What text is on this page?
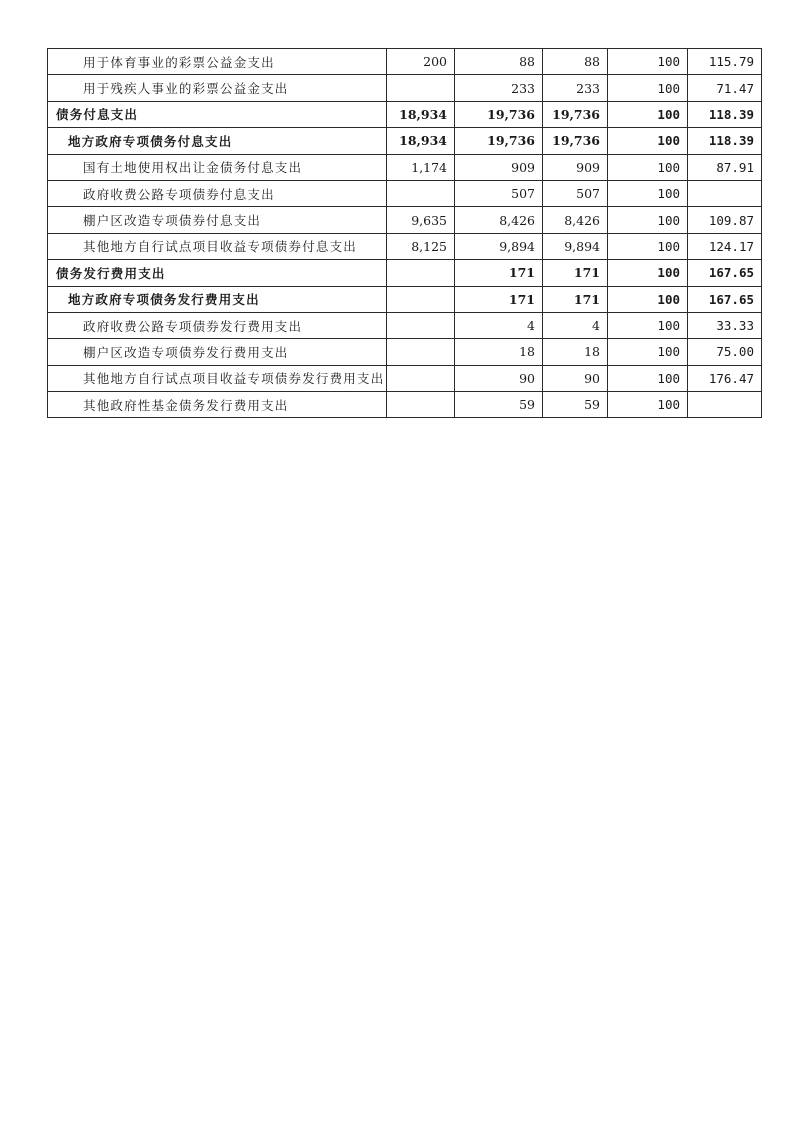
用于体育事业的彩票公益金支出	200	88	88	100	115.79
用于残疾人事业的彩票公益金支出		233	233	100	71.47
债务付息支出	18,934	19,736	19,736	100	118.39
地方政府专项债务付息支出	18,934	19,736	19,736	100	118.39
国有土地使用权出让金债务付息支出	1,174	909	909	100	87.91
政府收费公路专项债券付息支出		507	507	100	
棚户区改造专项债券付息支出	9,635	8,426	8,426	100	109.87
其他地方自行试点项目收益专项债券付息支出	8,125	9,894	9,894	100	124.17
债务发行费用支出		171	171	100	167.65
地方政府专项债务发行费用支出		171	171	100	167.65
政府收费公路专项债券发行费用支出		4	4	100	33.33
棚户区改造专项债券发行费用支出		18	18	100	75.00
其他地方自行试点项目收益专项债券发行费用支出		90	90	100	176.47
其他政府性基金债务发行费用支出		59	59	100	
